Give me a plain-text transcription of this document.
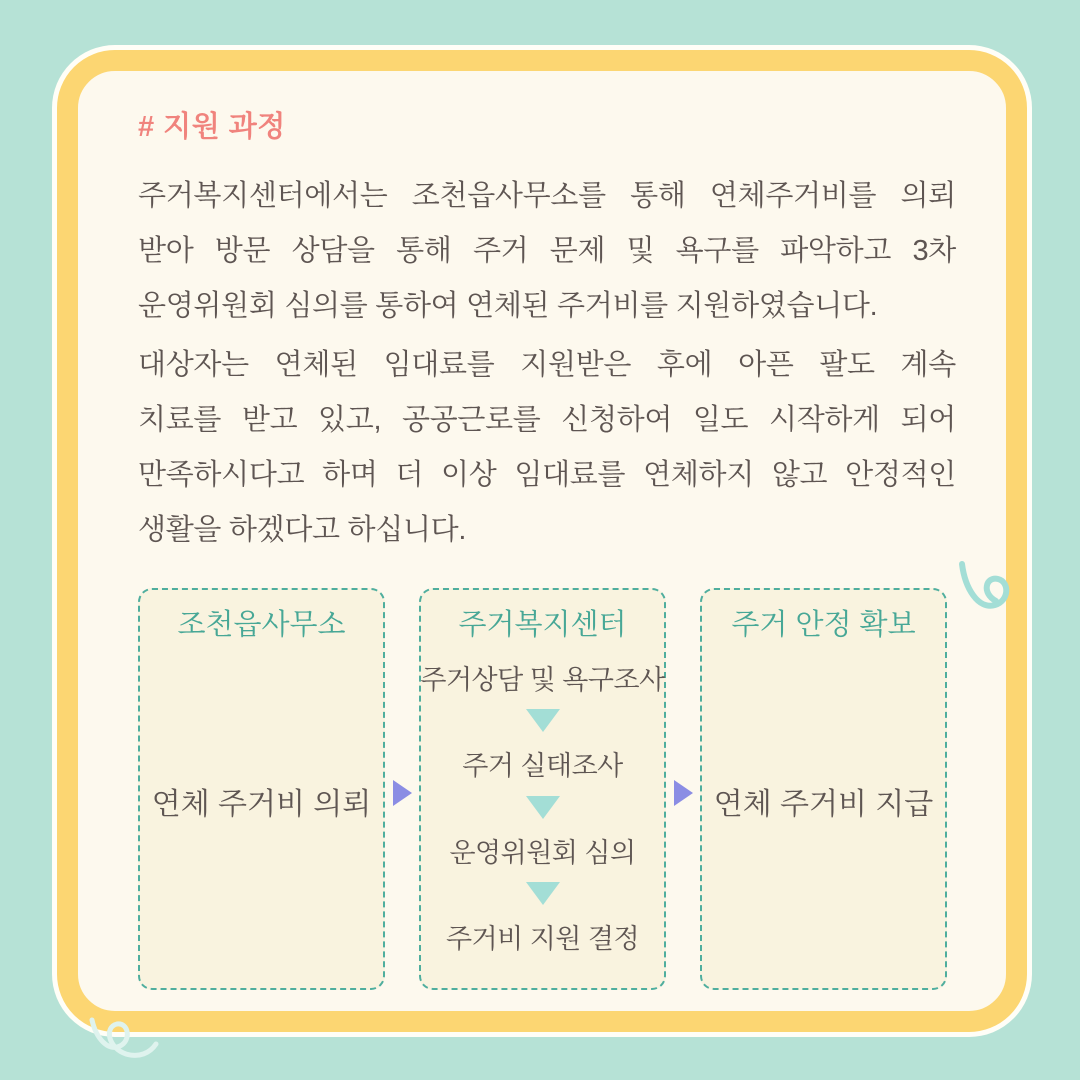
# 지원 과정
주거복지센터에서는 조천읍사무소를 통해 연체주거비를 의뢰
받아 방문 상담을 통해 주거 문제 및 욕구를 파악하고 3차
운영위원회 심의를 통하여 연체된 주거비를 지원하였습니다.
대상자는 연체된 임대료를 지원받은 후에 아픈 팔도 계속
치료를 받고 있고, 공공근로를 신청하여 일도 시작하게 되어
만족하시다고 하며 더 이상 임대료를 연체하지 않고 안정적인
생활을 하겠다고 하십니다.
조천읍사무소
연체 주거비 의뢰
주거복지센터
주거상담 및 욕구조사
주거 실태조사
운영위원회 심의
주거비 지원 결정
주거 안정 확보
연체 주거비 지급
